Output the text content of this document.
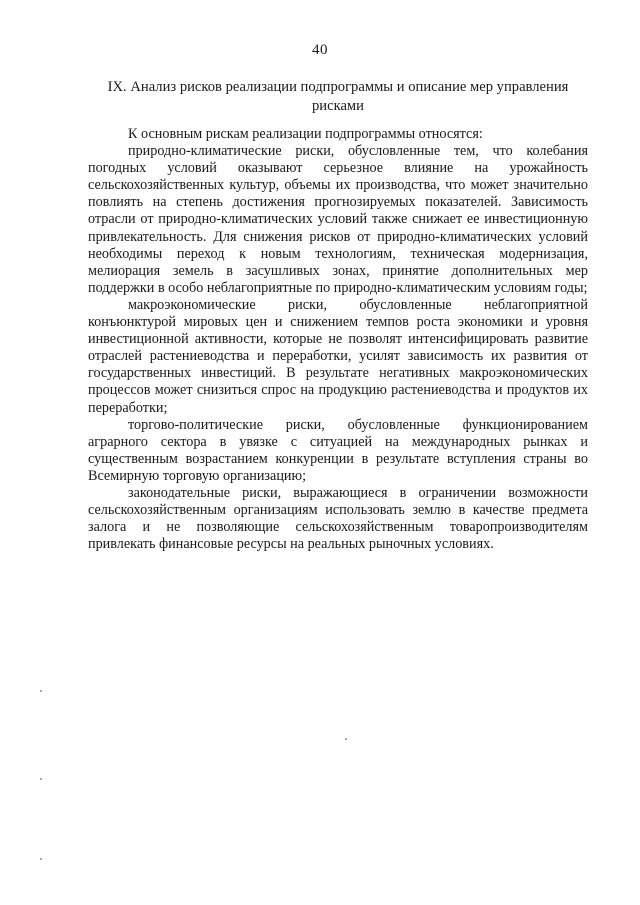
40
IX. Анализ рисков реализации подпрограммы и описание мер управления рисками

К основным рискам реализации подпрограммы относятся:

природно-климатические риски, обусловленные тем, что колебания погодных условий оказывают серьезное влияние на урожайность сельскохозяйственных культур, объемы их производства, что может значительно повлиять на степень достижения прогнозируемых показателей. Зависимость отрасли от природно-климатических условий также снижает ее инвестиционную привлекательность. Для снижения рисков от природно-климатических условий необходимы переход к новым технологиям, техническая модернизация, мелиорация земель в засушливых зонах, принятие дополнительных мер поддержки в особо неблагоприятные по природно-климатическим условиям годы;

макроэкономические риски, обусловленные неблагоприятной конъюнктурой мировых цен и снижением темпов роста экономики и уровня инвестиционной активности, которые не позволят интенсифицировать развитие отраслей растениеводства и переработки, усилят зависимость их развития от государственных инвестиций. В результате негативных макроэкономических процессов может снизиться спрос на продукцию растениеводства и продуктов их переработки;

торгово-политические риски, обусловленные функционированием аграрного сектора в увязке с ситуацией на международных рынках и существенным возрастанием конкуренции в результате вступления страны во Всемирную торговую организацию;

законодательные риски, выражающиеся в ограничении возможности сельскохозяйственным организациям использовать землю в качестве предмета залога и не позволяющие сельскохозяйственным товаропроизводителям привлекать финансовые ресурсы на реальных рыночных условиях.
